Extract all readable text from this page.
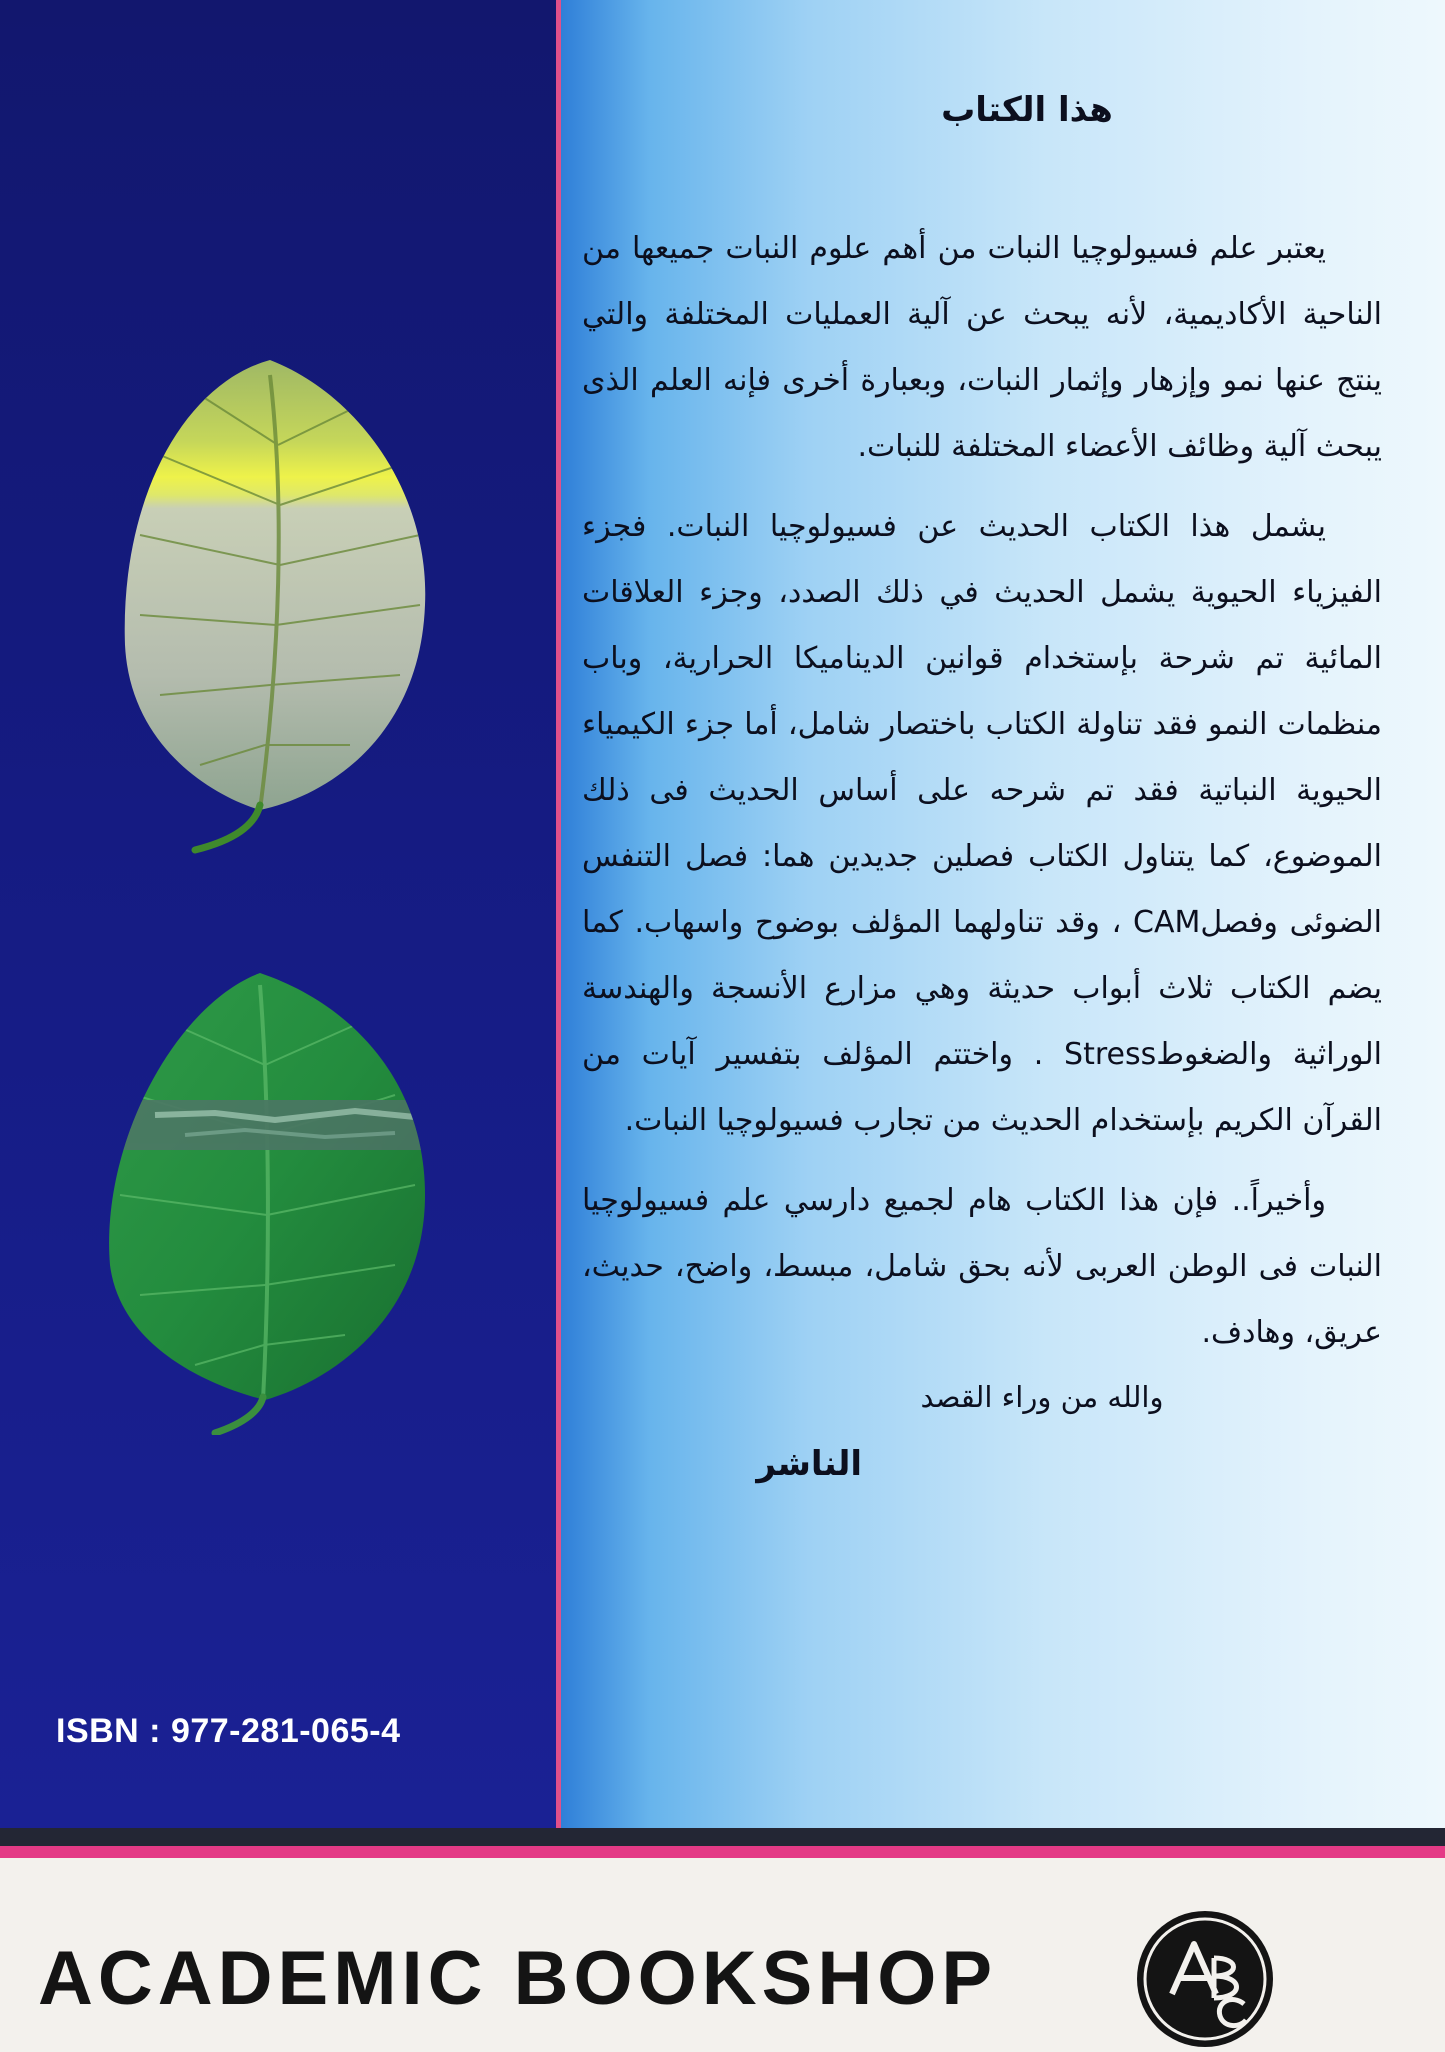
ISBN : 977-281-065-4
هذا الكتاب

يعتبر علم فسيولوچيا النبات من أهم علوم النبات جميعها من الناحية الأكاديمية، لأنه يبحث عن آلية العمليات المختلفة والتي ينتج عنها نمو وإزهار وإثمار النبات، وبعبارة أخرى فإنه العلم الذى يبحث آلية وظائف الأعضاء المختلفة للنبات.

يشمل هذا الكتاب الحديث عن فسيولوچيا النبات. فجزء الفيزياء الحيوية يشمل الحديث في ذلك الصدد، وجزء العلاقات المائية تم شرحة بإستخدام قوانين الديناميكا الحرارية، وباب منظمات النمو فقد تناولة الكتاب باختصار شامل، أما جزء الكيمياء الحيوية النباتية فقد تم شرحه على أساس الحديث فى ذلك الموضوع، كما يتناول الكتاب فصلين جديدين هما: فصل التنفس الضوئى وفصلCAM ، وقد تناولهما المؤلف بوضوح واسهاب. كما يضم الكتاب ثلاث أبواب حديثة وهي مزارع الأنسجة والهندسة الوراثية والضغوطStress . واختتم المؤلف بتفسير آيات من القرآن الكريم بإستخدام الحديث من تجارب فسيولوچيا النبات.

وأخيراً.. فإن هذا الكتاب هام لجميع دارسي علم فسيولوچيا النبات فى الوطن العربى لأنه بحق شامل، مبسط، واضح، حديث، عريق، وهادف.

والله من وراء القصد
الناشر
ACADEMIC BOOKSHOP
